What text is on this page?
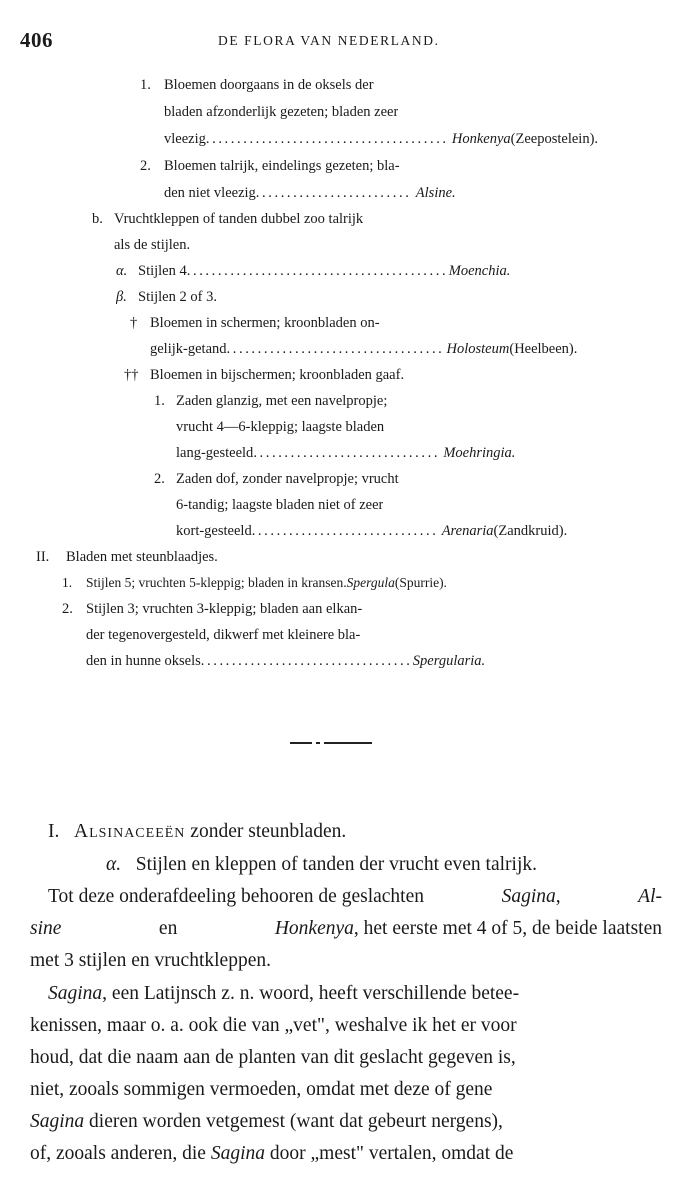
406	DE FLORA VAN NEDERLAND.
1. Bloemen doorgaans in de oksels der
bladen afzonderlijk gezeten; bladen zeer
vleezig....................................... Honkenya(Zeepostelein).
2. Bloemen talrijk, eindelings gezeten; bla-
den niet vleezig......................... Alsine.
b. Vruchtkleppen of tanden dubbel zoo talrijk
als de stijlen.
α. Stijlen 4..........................................Moenchia.
β. Stijlen 2 of 3.
† Bloemen in schermen; kroonbladen on-
gelijk-getand................................... Holosteum(Heelbeen).
†† Bloemen in bijschermen; kroonbladen gaaf.
1. Zaden glanzig, met een navelpropje;
vrucht 4—6-kleppig; laagste bladen
lang-gesteeld.............................. Moehringia.
2. Zaden dof, zonder navelpropje; vrucht
6-tandig; laagste bladen niet of zeer
kort-gesteeld.............................. Arenaria(Zandkruid).
II. Bladen met steunblaadjes.
1. Stijlen 5; vruchten 5-kleppig; bladen in kransen.Spergula(Spurrie).
2. Stijlen 3; vruchten 3-kleppig; bladen aan elkan-
der tegenovergesteld, dikwerf met kleinere bla-
den in hunne oksels..................................Spergularia.
I. Alsinaceeën zonder steunbladen.
α. Stijlen en kleppen of tanden der vrucht even talrijk.
Tot deze onderafdeeling behooren de geslachten	Sagina,	Al-
sine	en	Honkenya, het eerste met 4 of 5, de beide laatsten
met 3 stijlen en vruchtkleppen.
Sagina, een Latijnsch z. n. woord, heeft verschillende betee-
kenissen, maar o. a. ook die van „vet", weshalve ik het er voor
houd, dat die naam aan de planten van dit geslacht gegeven is,
niet, zooals sommigen vermoeden, omdat met deze of gene
Sagina dieren worden vetgemest (want dat gebeurt nergens),
of, zooals anderen, die Sagina door „mest" vertalen, omdat de
